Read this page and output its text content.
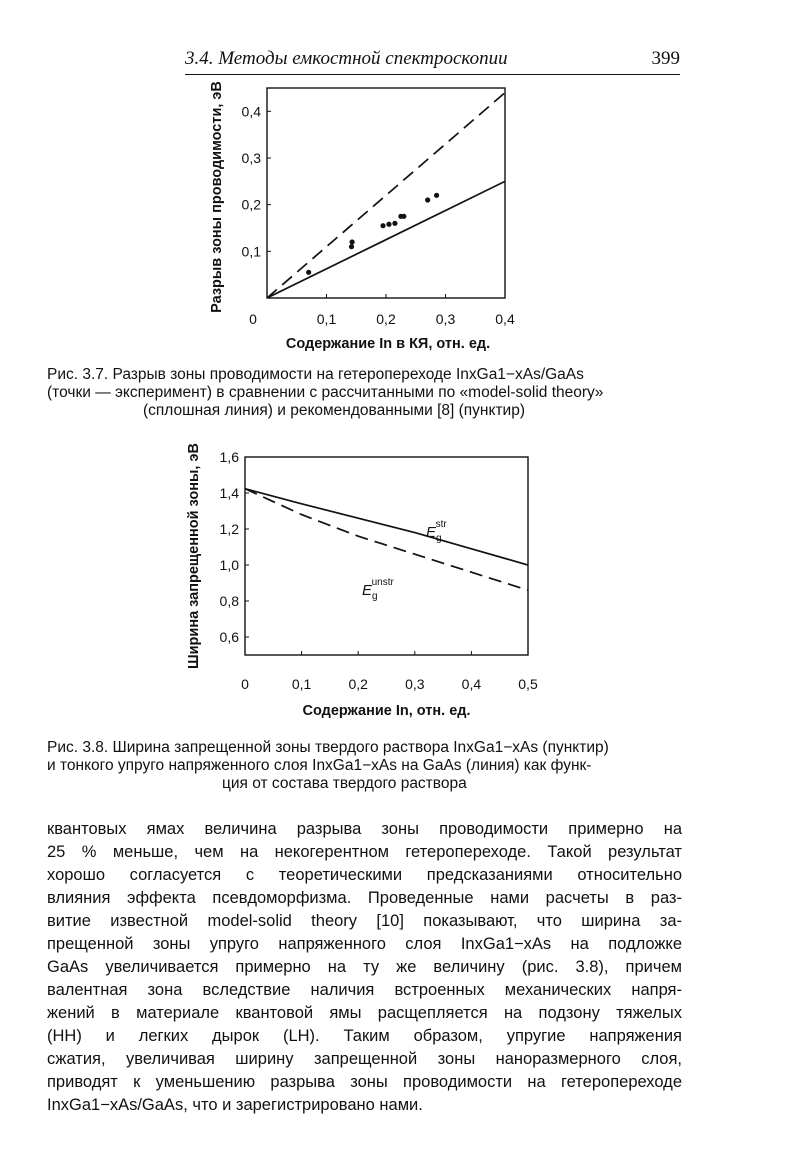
3.4. Методы емкостной спектроскопии	399
0	0,1	0,2	0,3	0,4
0,1
0,2
0,3
0,4
Содержание In в КЯ, отн. ед.
Разрыв зоны проводимости, эВ
Рис. 3.7. Разрыв зоны проводимости на гетеропереходе InxGa1−xAs/GaAs
(точки — эксперимент) в сравнении с рассчитанными по «model-solid theory»
(сплошная линия) и рекомендованными [8] (пунктир)
0	0,1	0,2	0,3	0,4	0,5
0,6
0,8
1,0
1,2
1,4
1,6
Содержание In, отн. ед.
Ширина запрещенной зоны, эВ	$E_gstr$
$E_gunstr$
Рис. 3.8. Ширина запрещенной зоны твердого раствора InxGa1−xAs (пунктир)
и тонкого упруго напряженного слоя InxGa1−xAs на GaAs (линия) как функ-
ция от состава твердого раствора
квантовых ямах величина разрыва зоны проводимости примерно на
25 % меньше, чем на некогерентном гетеропереходе. Такой результат
хорошо согласуется с теоретическими предсказаниями относительно
влияния эффекта псевдоморфизма. Проведенные нами расчеты в раз-
витие известной model-solid theory [10] показывают, что ширина за-
прещенной зоны упруго напряженного слоя InxGa1−xAs на подложке
GaAs увеличивается примерно на ту же величину (рис. 3.8), причем
валентная зона вследствие наличия встроенных механических напря-
жений в материале квантовой ямы расщепляется на подзону тяжелых
(HH) и легких дырок (LH). Таким образом, упругие напряжения
сжатия, увеличивая ширину запрещенной зоны наноразмерного слоя,
приводят к уменьшению разрыва зоны проводимости на гетеропереходе
InxGa1−xAs/GaAs, что и зарегистрировано нами.
